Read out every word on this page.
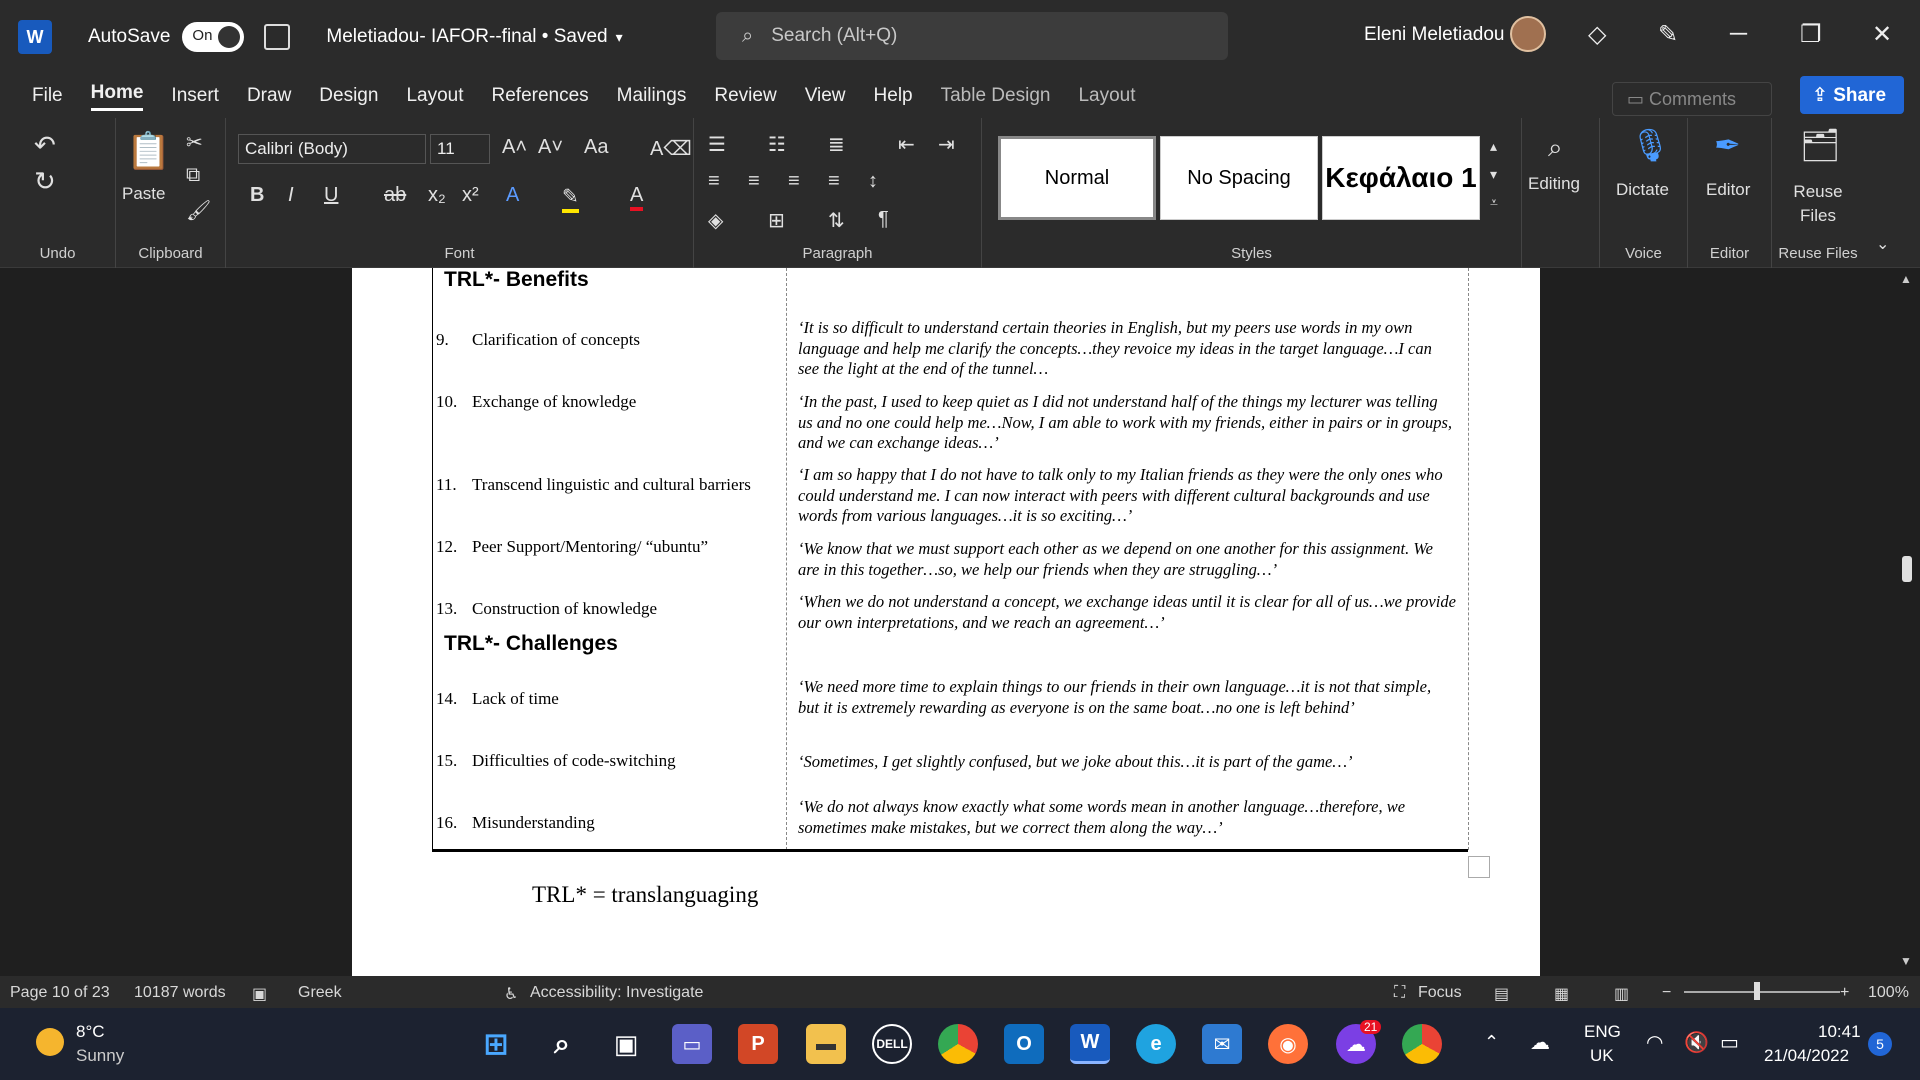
W	AutoSave	On	Meletiadou- IAFOR--final • Saved ▾	⌕ Search (Alt+Q)	Eleni Meletiadou	◇ ✎ ─ ❐ ✕
File Home Insert Draw Design Layout References Mailings Review View Help Table Design Layout	▭ Comments	⇪ Share
↶
↻
Undo
📋
Paste
✂
⧉
🖌
Clipboard
Calibri (Body)	11	A˄ A˅ Aa A⌫
B I U ab x₂ x² A ✎	A
Font
☰ ☷ ≣	⇤ ⇥
≡ ≡ ≡ ≡ ↕
◈ ⊞ ⇅ ¶
Paragraph
Normal	No Spacing Κεφάλαιο 1
▴
▾
⩡
Styles
⌕
Editing
🎙
Dictate
Voice
✒
Editor
Editor
🗂
Reuse Files
Reuse Files
⌄
TRL*- Benefits
9. Clarification of concepts
‘It is so difficult to understand certain theories in English, but my peers use words in my own language and help me clarify the concepts…they revoice my ideas in the target language…I can see the light at the end of the tunnel…
10. Exchange of knowledge	‘In the past, I used to keep quiet as I did not understand half of the things my lecturer was telling us and no one could help me…Now, I am able to work with my friends, either in pairs or in groups, and we can exchange ideas…’
11. Transcend linguistic and cultural barriers
‘I am so happy that I do not have to talk only to my Italian friends as they were the only ones who could understand me. I can now interact with peers with different cultural backgrounds and use words from various languages…it is so exciting…’
12. Peer Support/Mentoring/ “ubuntu”	‘We know that we must support each other as we depend on one another for this assignment. We are in this together…so, we help our friends when they are struggling…’
13. Construction of knowledge	‘When we do not understand a concept, we exchange ideas until it is clear for all of us…we provide our own interpretations, and we reach an agreement…’
TRL*- Challenges
14. Lack of time
‘We need more time to explain things to our friends in their own language…it is not that simple, but it is extremely rewarding as everyone is on the same boat…no one is left behind’
15. Difficulties of code-switching	‘Sometimes, I get slightly confused, but we joke about this…it is part of the game…’
16. Misunderstanding
‘We do not always know exactly what some words mean in another language…therefore, we sometimes make mistakes, but we correct them along the way…’
TRL* = translanguaging
▲
▼
Page 10 of 23 10187 words ▣ Greek	♿ Accessibility: Investigate	⛶ Focus ▤	▦	▥ −	+ 100%
8°C
Sunny	⊞	⌕	▣	▭	P	▬	DELL	O	W	e	✉	◉	☁
21
⌃ ☁
ENG
UK
◠ 🔇 ▭
10:41
21/04/2022
5
